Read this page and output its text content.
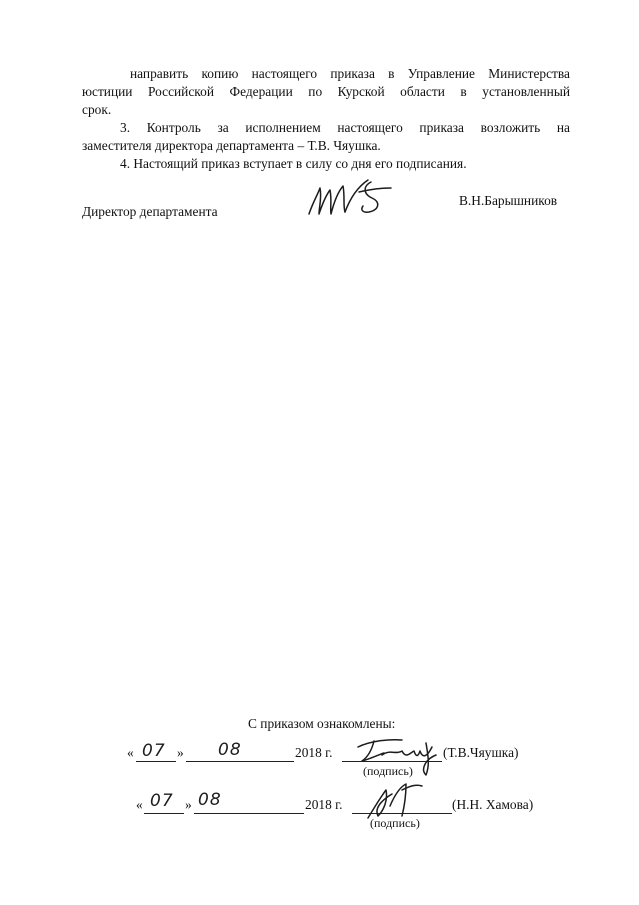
направить копию настоящего приказа в Управление Министерства
юстиции Российской Федерации по Курской области в установленный
срок.
3. Контроль за исполнением настоящего приказа возложить на
заместителя директора департамента – Т.В. Чяушка.
4. Настоящий приказ вступает в силу со дня его подписания.
Директор департамента
В.Н.Барышников
С приказом ознакомлены:
« 07 » 08	2018 г.	(Т.В.Чяушка)
(подпись)
« 07 » 08	2018 г.	(Н.Н. Хамова)
(подпись)
